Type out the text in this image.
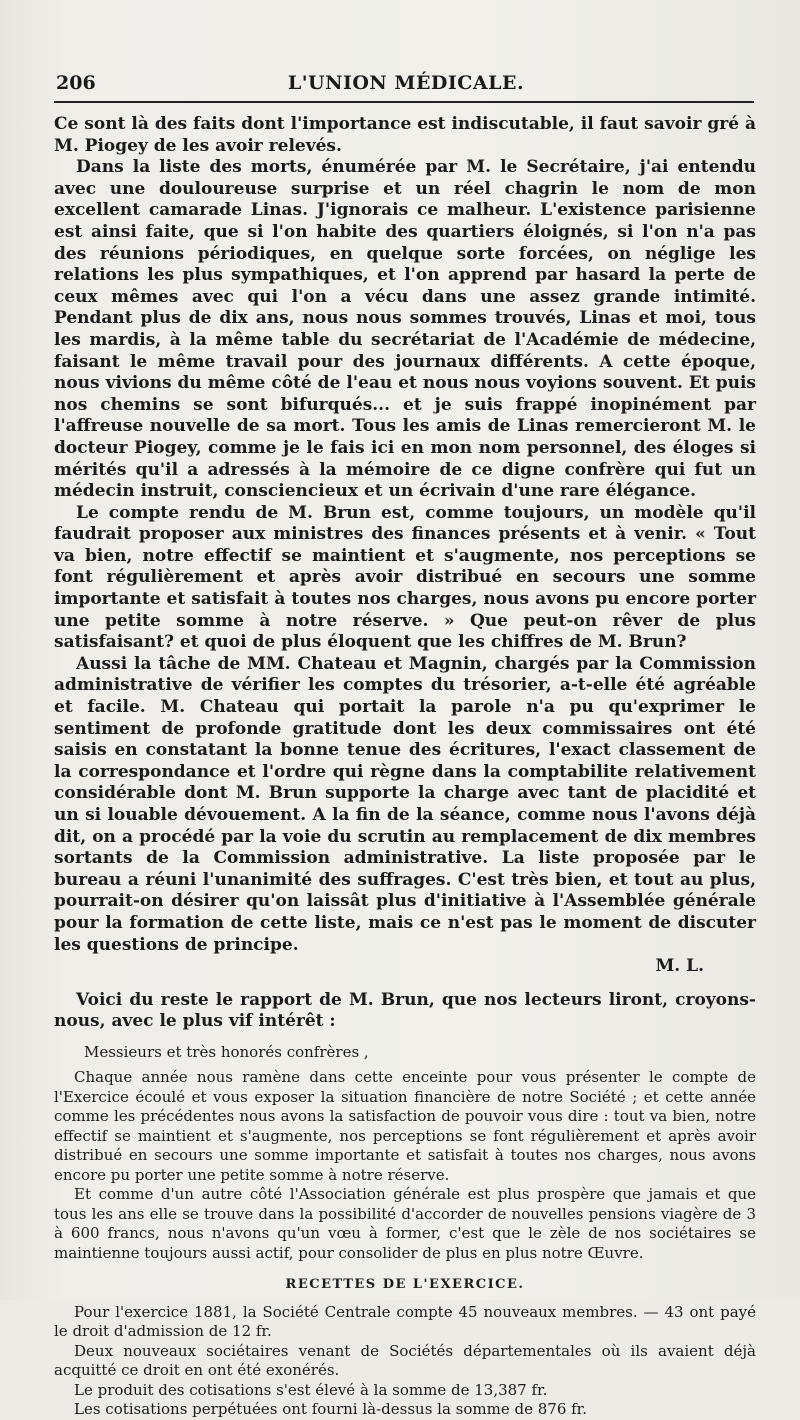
206	L'UNION MÉDICALE.

Ce sont là des faits dont l'importance est indiscutable, il faut savoir gré à M. Piogey de les avoir relevés.

Dans la liste des morts, énumérée par M. le Secrétaire, j'ai entendu avec une douloureuse surprise et un réel chagrin le nom de mon excellent camarade Linas. J'ignorais ce malheur. L'existence parisienne est ainsi faite, que si l'on habite des quartiers éloignés, si l'on n'a pas des réunions périodiques, en quelque sorte forcées, on néglige les relations les plus sympathiques, et l'on apprend par hasard la perte de ceux mêmes avec qui l'on a vécu dans une assez grande intimité. Pendant plus de dix ans, nous nous sommes trouvés, Linas et moi, tous les mardis, à la même table du secrétariat de l'Académie de médecine, faisant le même travail pour des journaux différents. A cette époque, nous vivions du même côté de l'eau et nous nous voyions souvent. Et puis nos chemins se sont bifurqués... et je suis frappé inopinément par l'affreuse nouvelle de sa mort. Tous les amis de Linas remercieront M. le docteur Piogey, comme je le fais ici en mon nom personnel, des éloges si mérités qu'il a adressés à la mémoire de ce digne confrère qui fut un médecin instruit, consciencieux et un écrivain d'une rare élégance.

Le compte rendu de M. Brun est, comme toujours, un modèle qu'il faudrait proposer aux ministres des finances présents et à venir. « Tout va bien, notre effectif se maintient et s'augmente, nos perceptions se font régulièrement et après avoir distribué en secours une somme importante et satisfait à toutes nos charges, nous avons pu encore porter une petite somme à notre réserve. » Que peut-on rêver de plus satisfaisant? et quoi de plus éloquent que les chiffres de M. Brun?

Aussi la tâche de MM. Chateau et Magnin, chargés par la Commission administrative de vérifier les comptes du trésorier, a-t-elle été agréable et facile. M. Chateau qui portait la parole n'a pu qu'exprimer le sentiment de profonde gratitude dont les deux commissaires ont été saisis en constatant la bonne tenue des écritures, l'exact classement de la correspondance et l'ordre qui règne dans la comptabilite relativement considérable dont M. Brun supporte la charge avec tant de placidité et un si louable dévouement. A la fin de la séance, comme nous l'avons déjà dit, on a procédé par la voie du scrutin au remplacement de dix membres sortants de la Commission administrative. La liste proposée par le bureau a réuni l'unanimité des suffrages. C'est très bien, et tout au plus, pourrait-on désirer qu'on laissât plus d'initiative à l'Assemblée générale pour la formation de cette liste, mais ce n'est pas le moment de discuter les questions de principe.

M. L.

Voici du reste le rapport de M. Brun, que nos lecteurs liront, croyons-nous, avec le plus vif intérêt :

Messieurs et très honorés confrères ,

Chaque année nous ramène dans cette enceinte pour vous présenter le compte de l'Exercice écoulé et vous exposer la situation financière de notre Société ; et cette année comme les précédentes nous avons la satisfaction de pouvoir vous dire : tout va bien, notre effectif se maintient et s'augmente, nos perceptions se font régulièrement et après avoir distribué en secours une somme importante et satisfait à toutes nos charges, nous avons encore pu porter une petite somme à notre réserve.

Et comme d'un autre côté l'Association générale est plus prospère que jamais et que tous les ans elle se trouve dans la possibilité d'accorder de nouvelles pensions viagère de 3 à 600 francs, nous n'avons qu'un vœu à former, c'est que le zèle de nos sociétaires se maintienne toujours aussi actif, pour consolider de plus en plus notre Œuvre.

RECETTES DE L'EXERCICE.

Pour l'exercice 1881, la Société Centrale compte 45 nouveaux membres. — 43 ont payé le droit d'admission de 12 fr.

Deux nouveaux sociétaires venant de Sociétés départementales où ils avaient déjà acquitté ce droit en ont été exonérés.

Le produit des cotisations s'est élevé à la somme de 13,387 fr.

Les cotisations perpétuées ont fourni là-dessus la somme de 876 fr.
